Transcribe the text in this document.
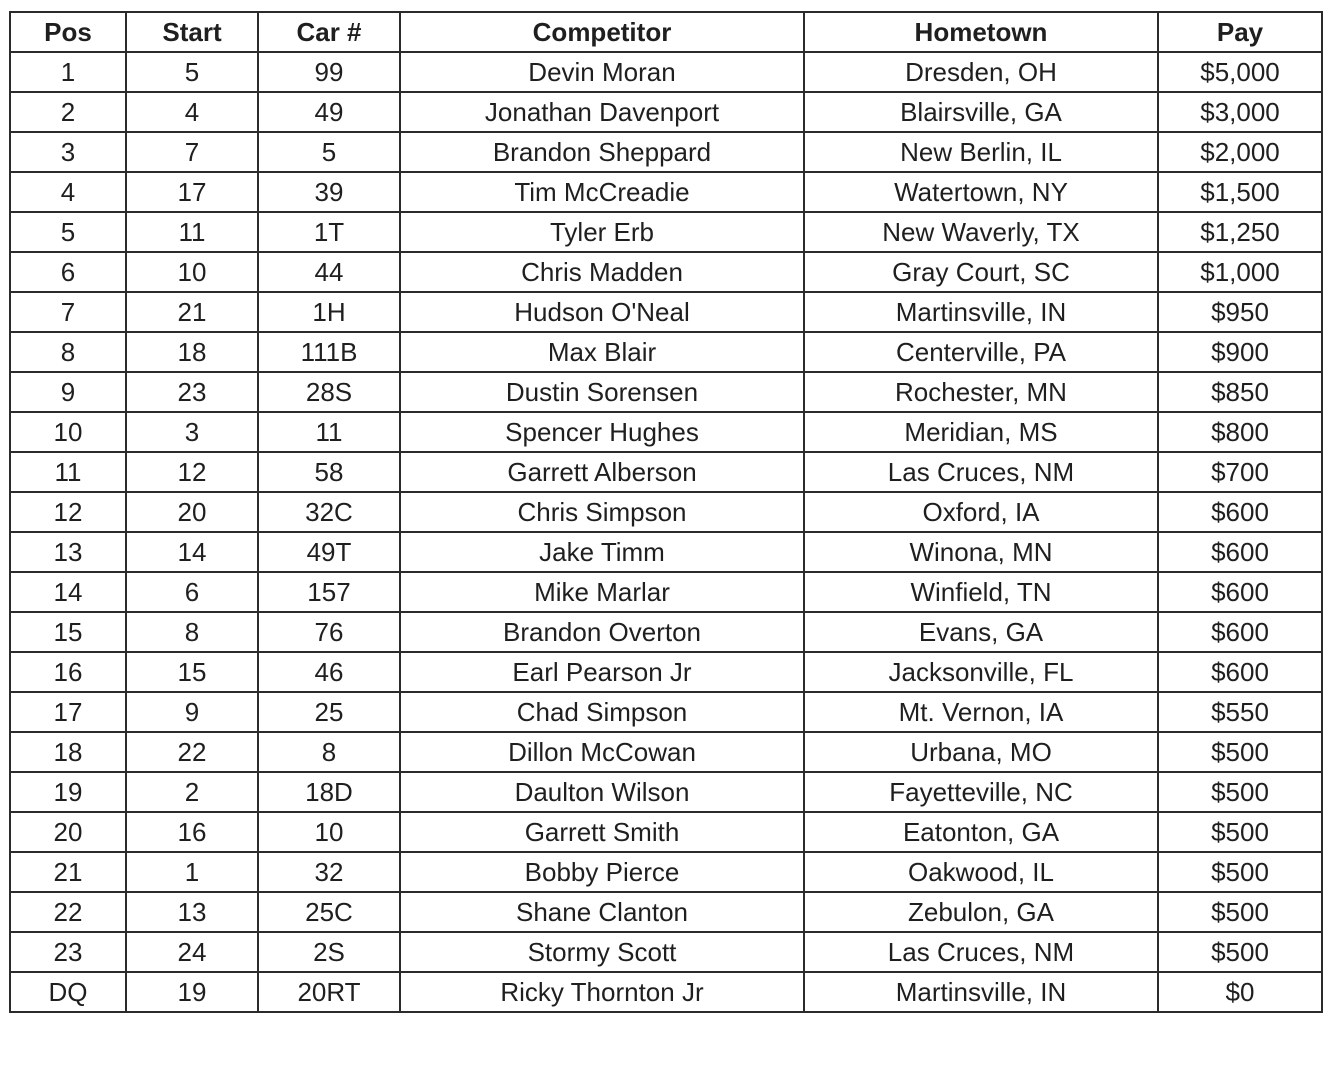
Pos	Start	Car #	Competitor	Hometown	Pay
1	5	99	Devin Moran	Dresden, OH	$5,000
2	4	49	Jonathan Davenport	Blairsville, GA	$3,000
3	7	5	Brandon Sheppard	New Berlin, IL	$2,000
4	17	39	Tim McCreadie	Watertown, NY	$1,500
5	11	1T	Tyler Erb	New Waverly, TX	$1,250
6	10	44	Chris Madden	Gray Court, SC	$1,000
7	21	1H	Hudson O'Neal	Martinsville, IN	$950
8	18	111B	Max Blair	Centerville, PA	$900
9	23	28S	Dustin Sorensen	Rochester, MN	$850
10	3	11	Spencer Hughes	Meridian, MS	$800
11	12	58	Garrett Alberson	Las Cruces, NM	$700
12	20	32C	Chris Simpson	Oxford, IA	$600
13	14	49T	Jake Timm	Winona, MN	$600
14	6	157	Mike Marlar	Winfield, TN	$600
15	8	76	Brandon Overton	Evans, GA	$600
16	15	46	Earl Pearson Jr	Jacksonville, FL	$600
17	9	25	Chad Simpson	Mt. Vernon, IA	$550
18	22	8	Dillon McCowan	Urbana, MO	$500
19	2	18D	Daulton Wilson	Fayetteville, NC	$500
20	16	10	Garrett Smith	Eatonton, GA	$500
21	1	32	Bobby Pierce	Oakwood, IL	$500
22	13	25C	Shane Clanton	Zebulon, GA	$500
23	24	2S	Stormy Scott	Las Cruces, NM	$500
DQ	19	20RT	Ricky Thornton Jr	Martinsville, IN	$0
